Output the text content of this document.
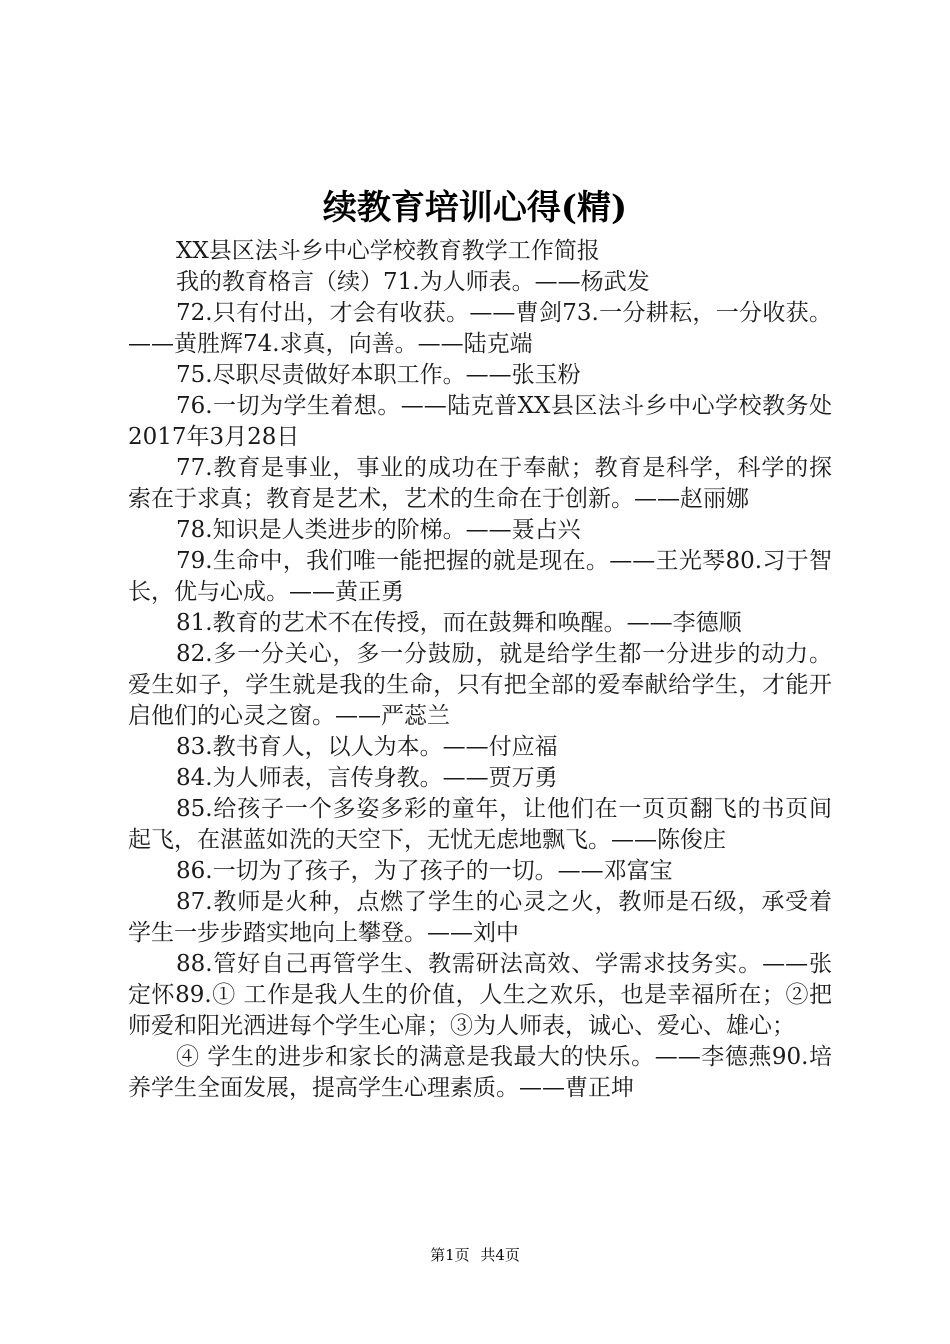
续教育培训心得(精)

XX县区法斗乡中心学校教育教学工作简报

我的教育格言（续）71.为人师表。——杨武发

72.只有付出，才会有收获。——曹剑73.一分耕耘，一分收获。——黄胜辉74.求真，向善。——陆克端

75.尽职尽责做好本职工作。——张玉粉

76.一切为学生着想。——陆克普XX县区法斗乡中心学校教务处2017年3月28日

77.教育是事业，事业的成功在于奉献；教育是科学，科学的探索在于求真；教育是艺术，艺术的生命在于创新。——赵丽娜

78.知识是人类进步的阶梯。——聂占兴

79.生命中，我们唯一能把握的就是现在。——王光琴80.习于智长，优与心成。——黄正勇

81.教育的艺术不在传授，而在鼓舞和唤醒。——李德顺

82.多一分关心，多一分鼓励，就是给学生都一分进步的动力。爱生如子，学生就是我的生命，只有把全部的爱奉献给学生，才能开启他们的心灵之窗。——严蕊兰

83.教书育人，以人为本。——付应福

84.为人师表，言传身教。——贾万勇

85.给孩子一个多姿多彩的童年，让他们在一页页翻飞的书页间起飞，在湛蓝如洗的天空下，无忧无虑地飘飞。——陈俊庄

86.一切为了孩子，为了孩子的一切。——邓富宝

87.教师是火种，点燃了学生的心灵之火，教师是石级，承受着学生一步步踏实地向上攀登。——刘中

88.管好自己再管学生、教需研法高效、学需求技务实。——张定怀89.① 工作是我人生的价值，人生之欢乐，也是幸福所在；②把师爱和阳光洒进每个学生心扉；③为人师表，诚心、爱心、雄心；

④ 学生的进步和家长的满意是我最大的快乐。——李德燕90.培养学生全面发展，提高学生心理素质。——曹正坤

第1页 共4页
